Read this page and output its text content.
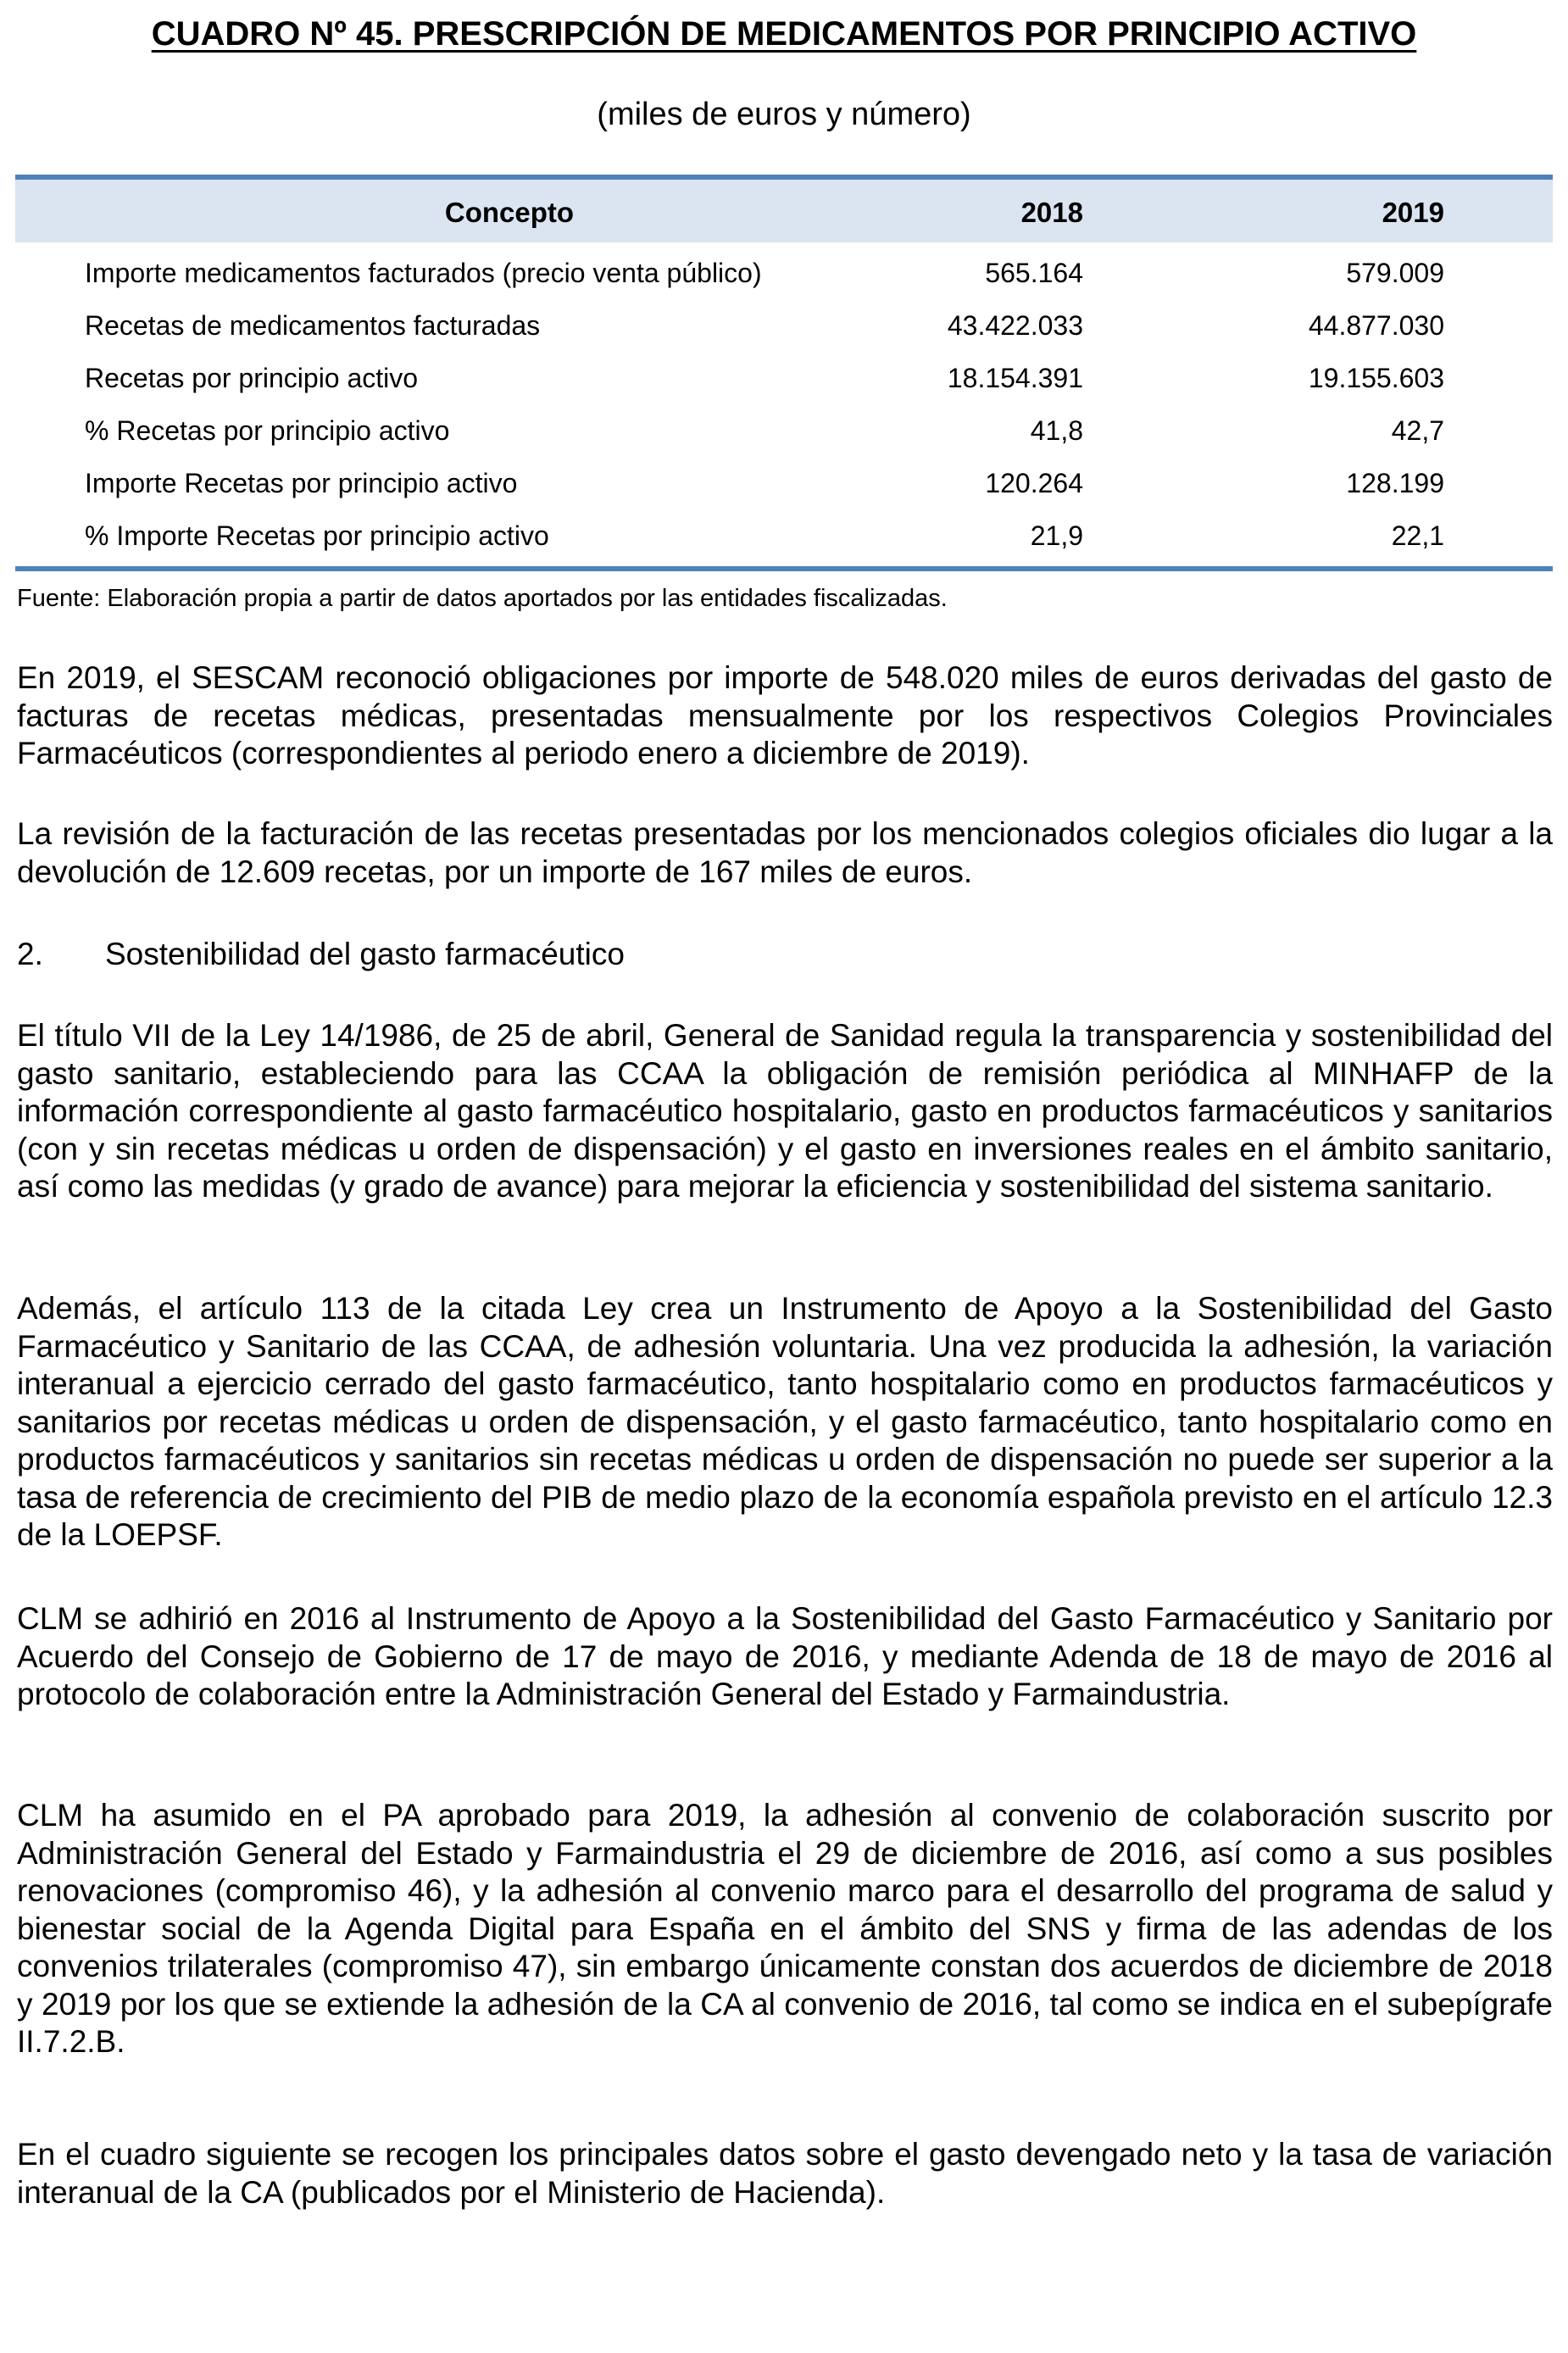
CUADRO Nº 45. PRESCRIPCIÓN DE MEDICAMENTOS POR PRINCIPIO ACTIVO
(miles de euros y número)
Concepto	2018	2019
Importe medicamentos facturados (precio venta público)	565.164	579.009
Recetas de medicamentos facturadas	43.422.033	44.877.030
Recetas por principio activo	18.154.391	19.155.603
% Recetas por principio activo	41,8	42,7
Importe Recetas por principio activo	120.264	128.199
% Importe Recetas por principio activo	21,9	22,1
Fuente: Elaboración propia a partir de datos aportados por las entidades fiscalizadas.
En 2019, el SESCAM reconoció obligaciones por importe de 548.020 miles de euros derivadas del gasto de facturas de recetas médicas, presentadas mensualmente por los respectivos Colegios Provinciales Farmacéuticos (correspondientes al periodo enero a diciembre de 2019).
La revisión de la facturación de las recetas presentadas por los mencionados colegios oficiales dio lugar a la devolución de 12.609 recetas, por un importe de 167 miles de euros.
2. Sostenibilidad del gasto farmacéutico
El título VII de la Ley 14/1986, de 25 de abril, General de Sanidad regula la transparencia y sostenibilidad del gasto sanitario, estableciendo para las CCAA la obligación de remisión periódica al MINHAFP de la información correspondiente al gasto farmacéutico hospitalario, gasto en productos farmacéuticos y sanitarios (con y sin recetas médicas u orden de dispensación) y el gasto en inversiones reales en el ámbito sanitario, así como las medidas (y grado de avance) para mejorar la eficiencia y sostenibilidad del sistema sanitario.
Además, el artículo 113 de la citada Ley crea un Instrumento de Apoyo a la Sostenibilidad del Gasto Farmacéutico y Sanitario de las CCAA, de adhesión voluntaria. Una vez producida la adhesión, la variación interanual a ejercicio cerrado del gasto farmacéutico, tanto hospitalario como en productos farmacéuticos y sanitarios por recetas médicas u orden de dispensación, y el gasto farmacéutico, tanto hospitalario como en productos farmacéuticos y sanitarios sin recetas médicas u orden de dispensación no puede ser superior a la tasa de referencia de crecimiento del PIB de medio plazo de la economía española previsto en el artículo 12.3 de la LOEPSF.
CLM se adhirió en 2016 al Instrumento de Apoyo a la Sostenibilidad del Gasto Farmacéutico y Sanitario por Acuerdo del Consejo de Gobierno de 17 de mayo de 2016, y mediante Adenda de 18 de mayo de 2016 al protocolo de colaboración entre la Administración General del Estado y Farmaindustria.
CLM ha asumido en el PA aprobado para 2019, la adhesión al convenio de colaboración suscrito por Administración General del Estado y Farmaindustria el 29 de diciembre de 2016, así como a sus posibles renovaciones (compromiso 46), y la adhesión al convenio marco para el desarrollo del programa de salud y bienestar social de la Agenda Digital para España en el ámbito del SNS y firma de las adendas de los convenios trilaterales (compromiso 47), sin embargo únicamente constan dos acuerdos de diciembre de 2018 y 2019 por los que se extiende la adhesión de la CA al convenio de 2016, tal como se indica en el subepígrafe II.7.2.B.
En el cuadro siguiente se recogen los principales datos sobre el gasto devengado neto y la tasa de variación interanual de la CA (publicados por el Ministerio de Hacienda).
